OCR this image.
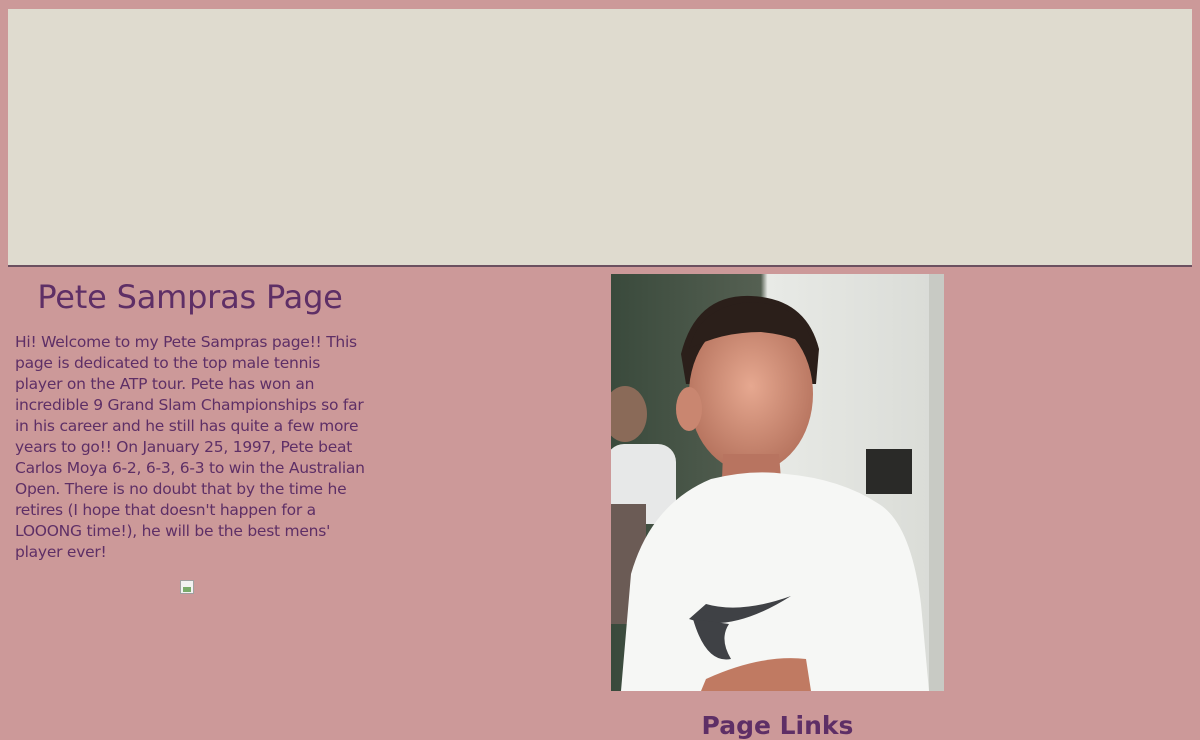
Pete Sampras Page

Hi! Welcome to my Pete Sampras page!! This page is dedicated to the top male tennis player on the ATP tour. Pete has won an incredible 9 Grand Slam Championships so far in his career and he still has quite a few more years to go!! On January 25, 1997, Pete beat Carlos Moya 6-2, 6-3, 6-3 to win the Australian Open. There is no doubt that by the time he retires (I hope that doesn't happen for a LOOONG time!), he will be the best mens' player ever!

Page Links
